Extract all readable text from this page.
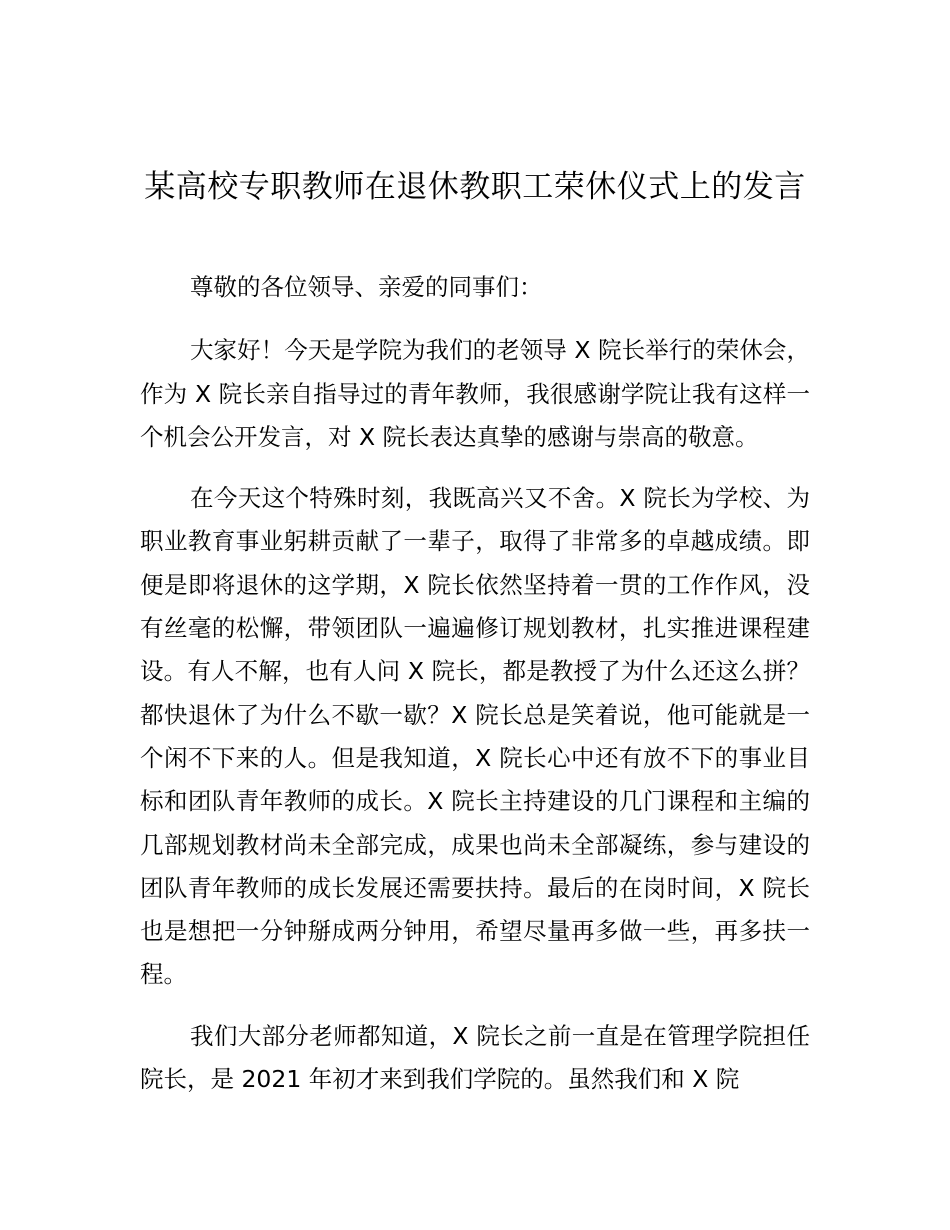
某高校专职教师在退休教职工荣休仪式上的发言

尊敬的各位领导、亲爱的同事们：

大家好！今天是学院为我们的老领导 X 院长举行的荣休会，作为 X 院长亲自指导过的青年教师，我很感谢学院让我有这样一个机会公开发言，对 X 院长表达真挚的感谢与崇高的敬意。

在今天这个特殊时刻，我既高兴又不舍。X 院长为学校、为职业教育事业躬耕贡献了一辈子，取得了非常多的卓越成绩。即便是即将退休的这学期，X 院长依然坚持着一贯的工作作风，没有丝毫的松懈，带领团队一遍遍修订规划教材，扎实推进课程建设。有人不解，也有人问 X 院长，都是教授了为什么还这么拼？都快退休了为什么不歇一歇？X 院长总是笑着说，他可能就是一个闲不下来的人。但是我知道，X 院长心中还有放不下的事业目标和团队青年教师的成长。X 院长主持建设的几门课程和主编的几部规划教材尚未全部完成，成果也尚未全部凝练，参与建设的团队青年教师的成长发展还需要扶持。最后的在岗时间，X 院长也是想把一分钟掰成两分钟用，希望尽量再多做一些，再多扶一程。

我们大部分老师都知道，X 院长之前一直是在管理学院担任院长，是 2021 年初才来到我们学院的。虽然我们和 X 院
